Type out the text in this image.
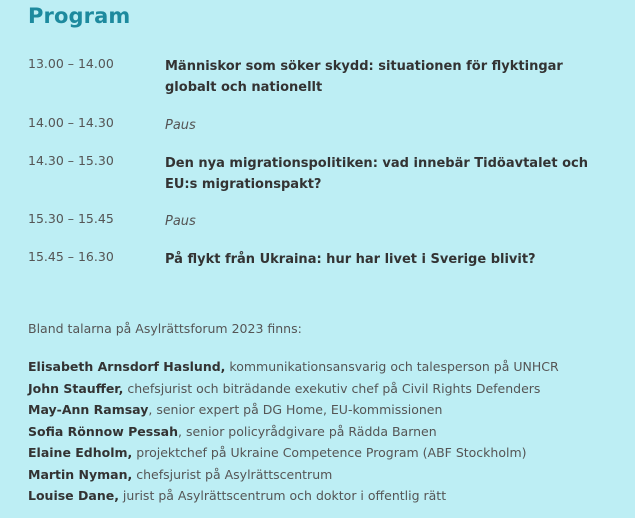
Program
13.00 – 14.00	Människor som söker skydd: situationen för flyktingar globalt och nationellt
14.00 – 14.30	Paus
14.30 – 15.30	Den nya migrationspolitiken: vad innebär Tidöavtalet och EU:s migrationspakt?
15.30 – 15.45	Paus
15.45 – 16.30	På flykt från Ukraina: hur har livet i Sverige blivit?
Bland talarna på Asylrättsforum 2023 finns:
Elisabeth Arnsdorf Haslund, kommunikationsansvarig och talesperson på UNHCR
John Stauffer, chefsjurist och biträdande exekutiv chef på Civil Rights Defenders
May-Ann Ramsay, senior expert på DG Home, EU-kommissionen
Sofia Rönnow Pessah, senior policyrådgivare på Rädda Barnen
Elaine Edholm, projektchef på Ukraine Competence Program (ABF Stockholm)
Martin Nyman, chefsjurist på Asylrättscentrum
Louise Dane, jurist på Asylrättscentrum och doktor i offentlig rätt
